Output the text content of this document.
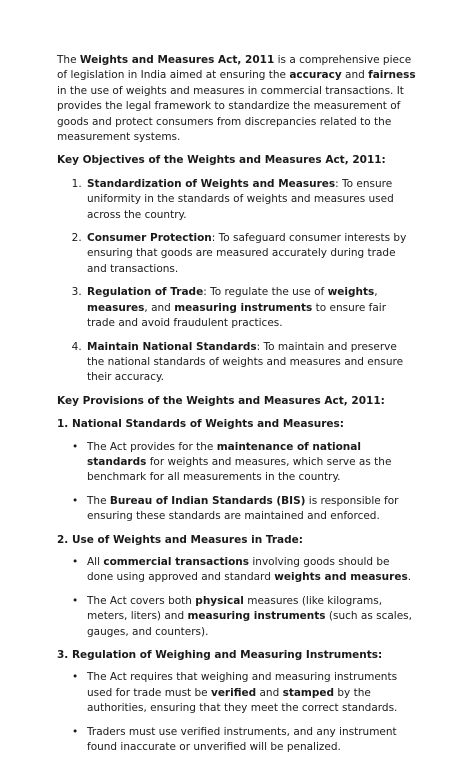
The Weights and Measures Act, 2011 is a comprehensive piece of legislation in India aimed at ensuring the accuracy and fairness in the use of weights and measures in commercial transactions. It provides the legal framework to standardize the measurement of goods and protect consumers from discrepancies related to the measurement systems.

Key Objectives of the Weights and Measures Act, 2011:

1. Standardization of Weights and Measures: To ensure uniformity in the standards of weights and measures used across the country.
2. Consumer Protection: To safeguard consumer interests by ensuring that goods are measured accurately during trade and transactions.
3. Regulation of Trade: To regulate the use of weights, measures, and measuring instruments to ensure fair trade and avoid fraudulent practices.
4. Maintain National Standards: To maintain and preserve the national standards of weights and measures and ensure their accuracy.

Key Provisions of the Weights and Measures Act, 2011:

1. National Standards of Weights and Measures:

• The Act provides for the maintenance of national standards for weights and measures, which serve as the benchmark for all measurements in the country.
• The Bureau of Indian Standards (BIS) is responsible for ensuring these standards are maintained and enforced.

2. Use of Weights and Measures in Trade:

• All commercial transactions involving goods should be done using approved and standard weights and measures.
• The Act covers both physical measures (like kilograms, meters, liters) and measuring instruments (such as scales, gauges, and counters).

3. Regulation of Weighing and Measuring Instruments:

• The Act requires that weighing and measuring instruments used for trade must be verified and stamped by the authorities, ensuring that they meet the correct standards.
• Traders must use verified instruments, and any instrument found inaccurate or unverified will be penalized.
